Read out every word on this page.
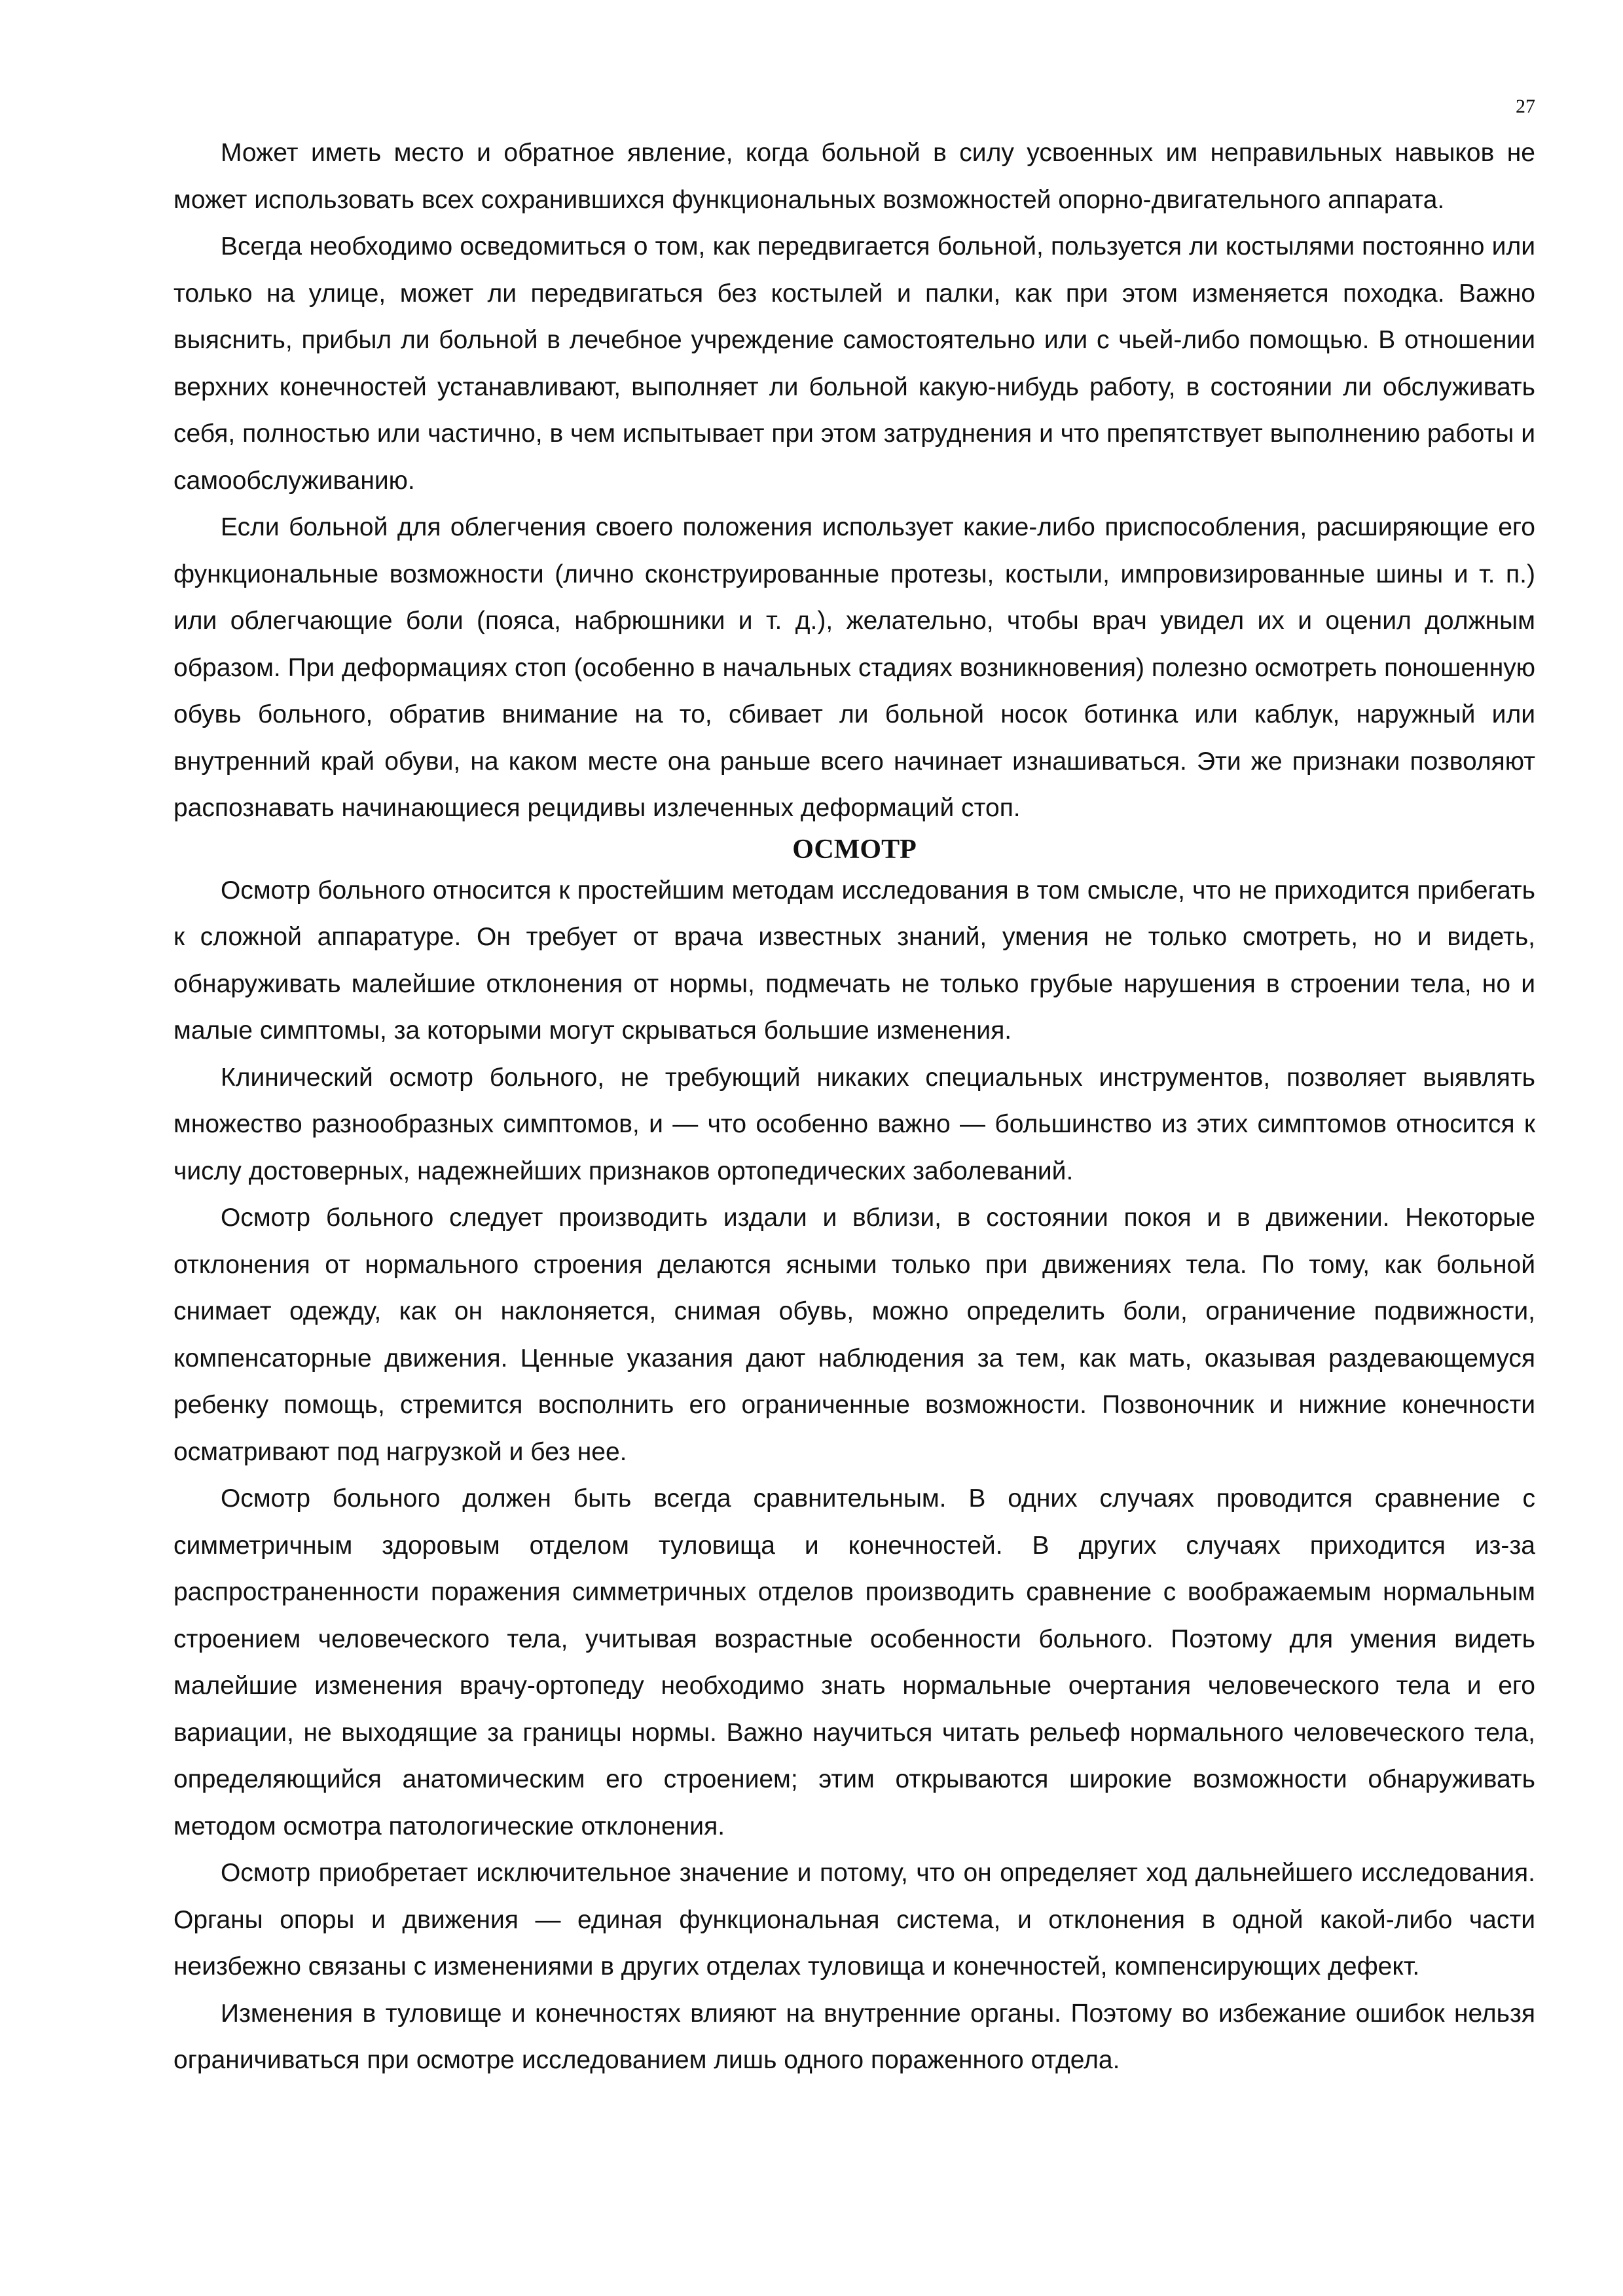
27

Может иметь место и обратное явление, когда больной в силу усвоенных им неправильных навыков не может использовать всех сохранившихся функциональных возможностей опорно-двигательного аппарата.

Всегда необходимо осведомиться о том, как передвигается больной, пользуется ли костылями постоянно или только на улице, может ли передвигаться без костылей и палки, как при этом изменяется походка. Важно выяснить, прибыл ли больной в лечебное учреждение самостоятельно или с чьей-либо помощью. В отношении верхних конечностей устанавливают, выполняет ли больной какую-нибудь работу, в состоянии ли обслуживать себя, полностью или частично, в чем испытывает при этом затруднения и что препятствует выполнению работы и самообслуживанию.

Если больной для облегчения своего положения использует какие-либо приспособления, расширяющие его функциональные возможности (лично сконструированные протезы, костыли, импровизированные шины и т. п.) или облегчающие боли (пояса, набрюшники и т. д.), желательно, чтобы врач увидел их и оценил должным образом. При деформациях стоп (особенно в начальных стадиях возникновения) полезно осмотреть поношенную обувь больного, обратив внимание на то, сбивает ли больной носок ботинка или каблук, наружный или внутренний край обуви, на каком месте она раньше всего начинает изнашиваться. Эти же признаки позволяют распознавать начинающиеся рецидивы излеченных деформаций стоп.

ОСМОТР

Осмотр больного относится к простейшим методам исследования в том смысле, что не приходится прибегать к сложной аппаратуре. Он требует от врача известных знаний, умения не только смотреть, но и видеть, обнаруживать малейшие отклонения от нормы, подмечать не только грубые нарушения в строении тела, но и малые симптомы, за которыми могут скрываться большие изменения.

Клинический осмотр больного, не требующий никаких специальных инструментов, позволяет выявлять множество разнообразных симптомов, и — что особенно важно — большинство из этих симптомов относится к числу достоверных, надежнейших признаков ортопедических заболеваний.

Осмотр больного следует производить издали и вблизи, в состоянии покоя и в движении. Некоторые отклонения от нормального строения делаются ясными только при движениях тела. По тому, как больной снимает одежду, как он наклоняется, снимая обувь, можно определить боли, ограничение подвижности, компенсаторные движения. Ценные указания дают наблюдения за тем, как мать, оказывая раздевающемуся ребенку помощь, стремится восполнить его ограниченные возможности. Позвоночник и нижние конечности осматривают под нагрузкой и без нее.

Осмотр больного должен быть всегда сравнительным. В одних случаях проводится сравнение с симметричным здоровым отделом туловища и конечностей. В других случаях приходится из-за распространенности поражения симметричных отделов производить сравнение с воображаемым нормальным строением человеческого тела, учитывая возрастные особенности больного. Поэтому для умения видеть малейшие изменения врачу-ортопеду необходимо знать нормальные очертания человеческого тела и его вариации, не выходящие за границы нормы. Важно научиться читать рельеф нормального человеческого тела, определяющийся анатомическим его строением; этим открываются широкие возможности обнаруживать методом осмотра патологические отклонения.

Осмотр приобретает исключительное значение и потому, что он определяет ход дальнейшего исследования. Органы опоры и движения — единая функциональная система, и отклонения в одной какой-либо части неизбежно связаны с изменениями в других отделах туловища и конечностей, компенсирующих дефект.

Изменения в туловище и конечностях влияют на внутренние органы. Поэтому во избежание ошибок нельзя ограничиваться при осмотре исследованием лишь одного пораженного отдела.
